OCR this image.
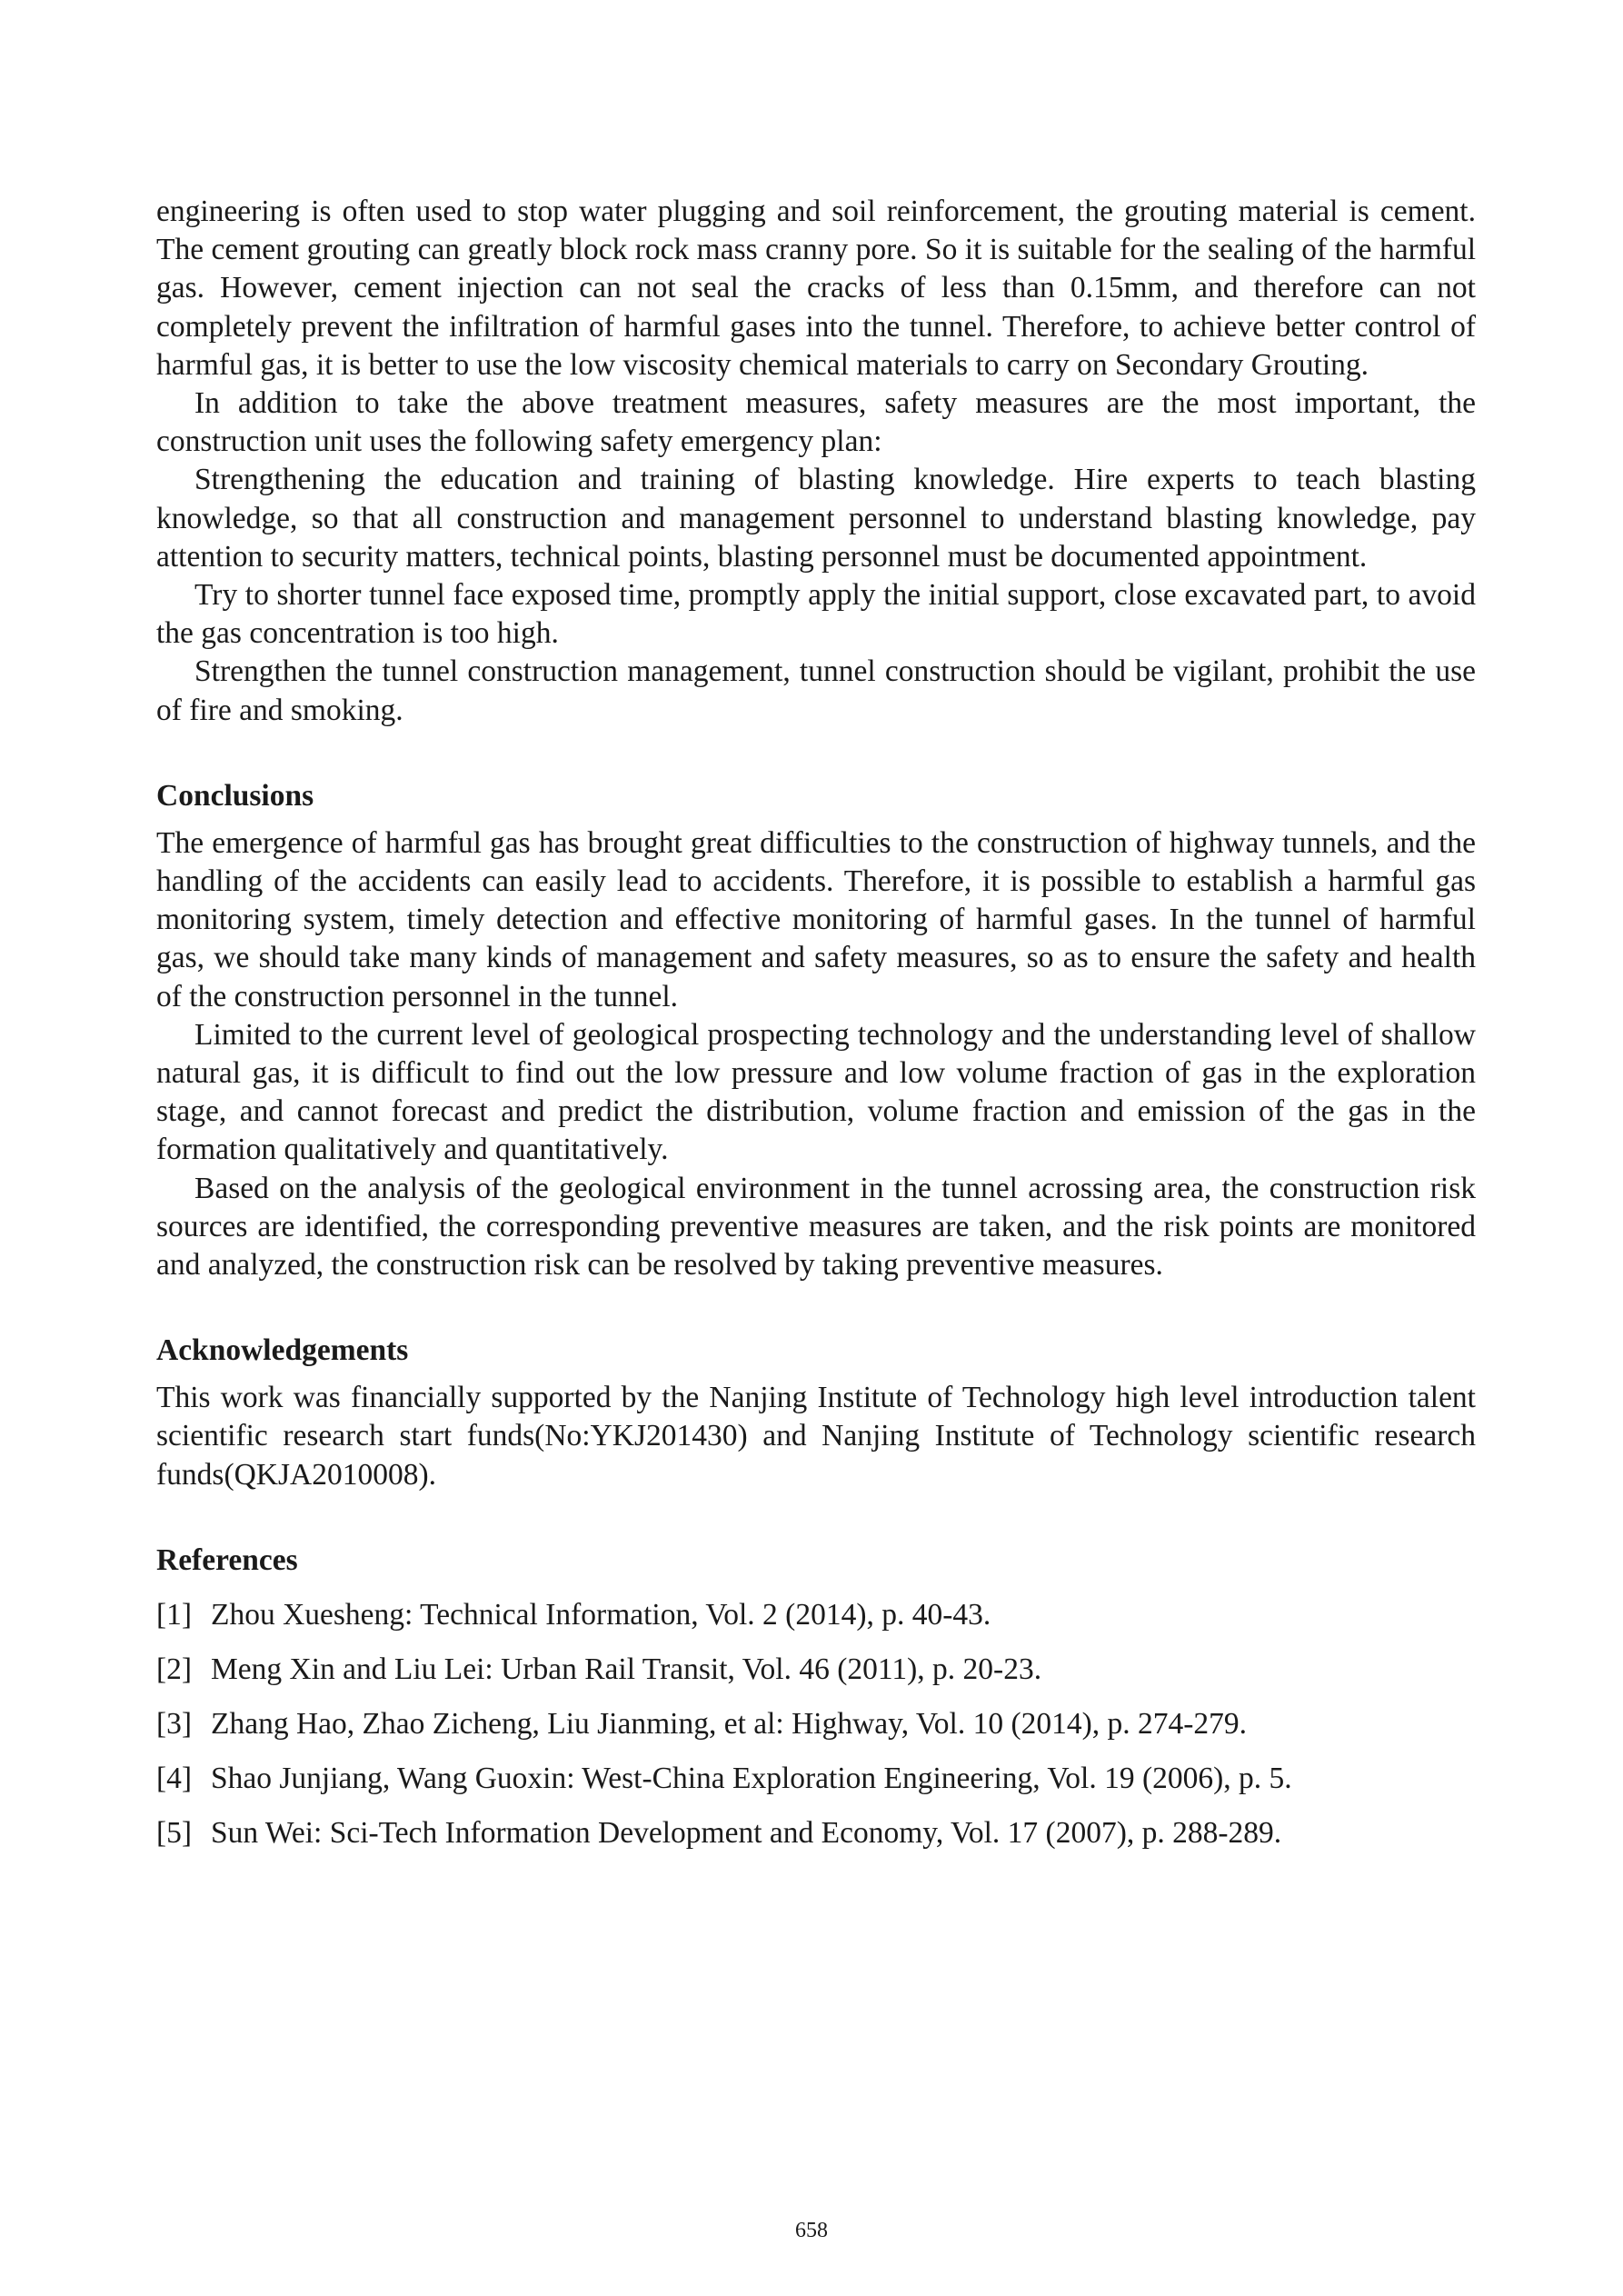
engineering is often used to stop water plugging and soil reinforcement, the grouting material is cement. The cement grouting can greatly block rock mass cranny pore. So it is suitable for the sealing of the harmful gas. However, cement injection can not seal the cracks of less than 0.15mm, and therefore can not completely prevent the infiltration of harmful gases into the tunnel. Therefore, to achieve better control of harmful gas, it is better to use the low viscosity chemical materials to carry on Secondary Grouting.

In addition to take the above treatment measures, safety measures are the most important, the construction unit uses the following safety emergency plan:

Strengthening the education and training of blasting knowledge. Hire experts to teach blasting knowledge, so that all construction and management personnel to understand blasting knowledge, pay attention to security matters, technical points, blasting personnel must be documented appointment.

Try to shorter tunnel face exposed time, promptly apply the initial support, close excavated part, to avoid the gas concentration is too high.

Strengthen the tunnel construction management, tunnel construction should be vigilant, prohibit the use of fire and smoking.

Conclusions

The emergence of harmful gas has brought great difficulties to the construction of highway tunnels, and the handling of the accidents can easily lead to accidents. Therefore, it is possible to establish a harmful gas monitoring system, timely detection and effective monitoring of harmful gases. In the tunnel of harmful gas, we should take many kinds of management and safety measures, so as to ensure the safety and health of the construction personnel in the tunnel.

Limited to the current level of geological prospecting technology and the understanding level of shallow natural gas, it is difficult to find out the low pressure and low volume fraction of gas in the exploration stage, and cannot forecast and predict the distribution, volume fraction and emission of the gas in the formation qualitatively and quantitatively.

Based on the analysis of the geological environment in the tunnel acrossing area, the construction risk sources are identified, the corresponding preventive measures are taken, and the risk points are monitored and analyzed, the construction risk can be resolved by taking preventive measures.

Acknowledgements

This work was financially supported by the Nanjing Institute of Technology high level introduction talent scientific research start funds(No:YKJ201430) and Nanjing Institute of Technology scientific research funds(QKJA2010008).

References
[1] Zhou Xuesheng: Technical Information, Vol. 2 (2014), p. 40-43.
[2] Meng Xin and Liu Lei: Urban Rail Transit, Vol. 46 (2011), p. 20-23.
[3] Zhang Hao, Zhao Zicheng, Liu Jianming, et al: Highway, Vol. 10 (2014), p. 274-279.
[4] Shao Junjiang, Wang Guoxin: West-China Exploration Engineering, Vol. 19 (2006), p. 5.
[5] Sun Wei: Sci-Tech Information Development and Economy, Vol. 17 (2007), p. 288-289.
658
